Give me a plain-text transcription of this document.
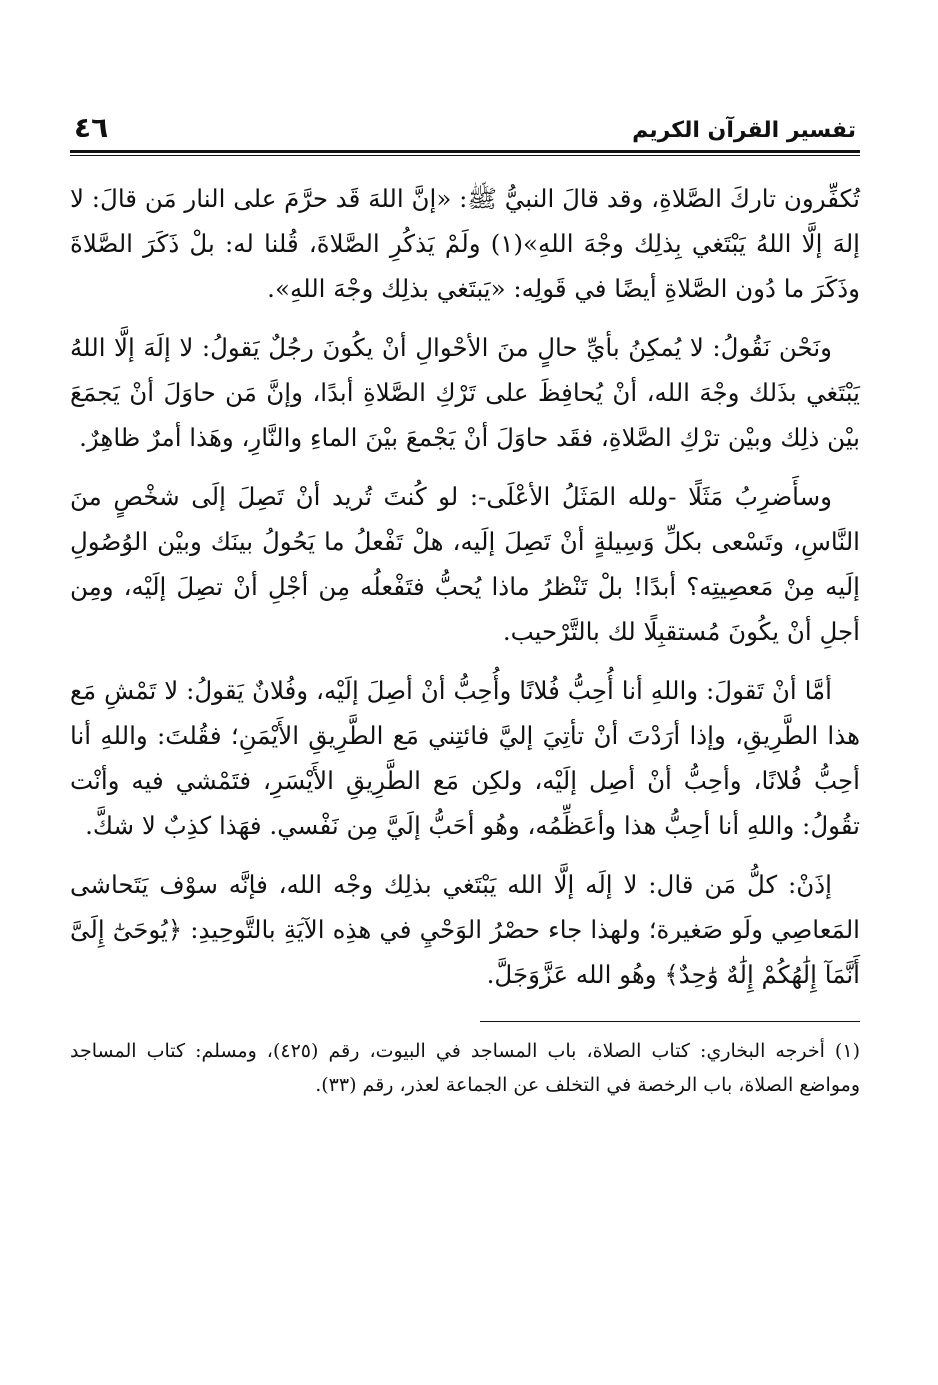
تفسير القرآن الكريم
٤٦

تُكفِّرون تاركَ الصَّلاةِ، وقد قالَ النبيُّ ﷺ: «إنَّ اللهَ قَد حرَّمَ على النار مَن قالَ: لا إلهَ إلَّا اللهُ يَبْتَغي بِذلِك وجْهَ اللهِ»(١) ولَمْ يَذكُرِ الصَّلاةَ، قُلنا له: بلْ ذَكَرَ الصَّلاةَ وذَكَرَ ما دُون الصَّلاةِ أيضًا في قَولِه: «يَبتَغي بذلِك وجْهَ اللهِ».

ونَحْن نَقُولُ: لا يُمكِنُ بأيِّ حالٍ منَ الأحْوالِ أنْ يكُونَ رجُلٌ يَقولُ: لا إلَهَ إلَّا اللهُ يَبْتَغي بذَلك وجْهَ الله، أنْ يُحافِظَ على تَرْكِ الصَّلاةِ أبدًا، وإنَّ مَن حاوَلَ أنْ يَجمَعَ بيْن ذلِك وبيْن ترْكِ الصَّلاةِ، فقَد حاوَلَ أنْ يَجْمعَ بيْنَ الماءِ والنَّارِ، وهَذا أمرٌ ظاهِرٌ.

وسأَضرِبُ مَثَلًا -ولله المَثَلُ الأعْلَى-: لو كُنتَ تُريد أنْ تَصِلَ إلَى شخْصٍ منَ النَّاسِ، وتَسْعى بكلِّ وَسِيلةٍ أنْ تَصِلَ إلَيه، هلْ تَفْعلُ ما يَحُولُ بينَك وبيْن الوُصُولِ إلَيه مِنْ مَعصِيتِه؟ أبدًا! بلْ تَنْظرُ ماذا يُحبُّ فتَفْعلُه مِن أجْلِ أنْ تصِلَ إلَيْه، ومِن أجلِ أنْ يكُونَ مُستقبِلًا لك بالتَّرْحيب.

أمَّا أنْ تَقولَ: واللهِ أنا أُحِبُّ فُلانًا وأُحِبُّ أنْ أصِلَ إلَيْه، وفُلانٌ يَقولُ: لا تَمْشِ مَع هذا الطَّرِيقِ، وإذا أرَدْتَ أنْ تأتِيَ إليَّ فائتِني مَع الطَّرِيقِ الأَيْمَنِ؛ فقُلتَ: واللهِ أنا أحِبُّ فُلانًا، وأحِبُّ أنْ أصِل إلَيْه، ولكِن مَع الطَّرِيقِ الأَيْسَرِ، فتَمْشي فيه وأنْت تقُولُ: واللهِ أنا أحِبُّ هذا وأعَظِّمُه، وهُو أحَبُّ إلَيَّ مِن نَفْسي. فهَذا كذِبٌ لا شكَّ.

إذَنْ: كلُّ مَن قال: لا إلَه إلَّا الله يَبْتَغي بذلِك وجْه الله، فإنَّه سوْف يَتَحاشى المَعاصِي ولَو صَغيرة؛ ولهذا جاء حصْرُ الوَحْيِ في هذِه الآيَةِ بالتَّوحِيدِ: ﴿يُوحَىٰٓ إِلَىَّ أَنَّمَآ إِلَٰهُكُمْ إِلَٰهٌ وَٰحِدٌ﴾ وهُو الله عَزَّوَجَلَّ.

(١) أخرجه البخاري: كتاب الصلاة، باب المساجد في البيوت، رقم (٤٢٥)، ومسلم: كتاب المساجد ومواضع الصلاة، باب الرخصة في التخلف عن الجماعة لعذر، رقم (٣٣).
